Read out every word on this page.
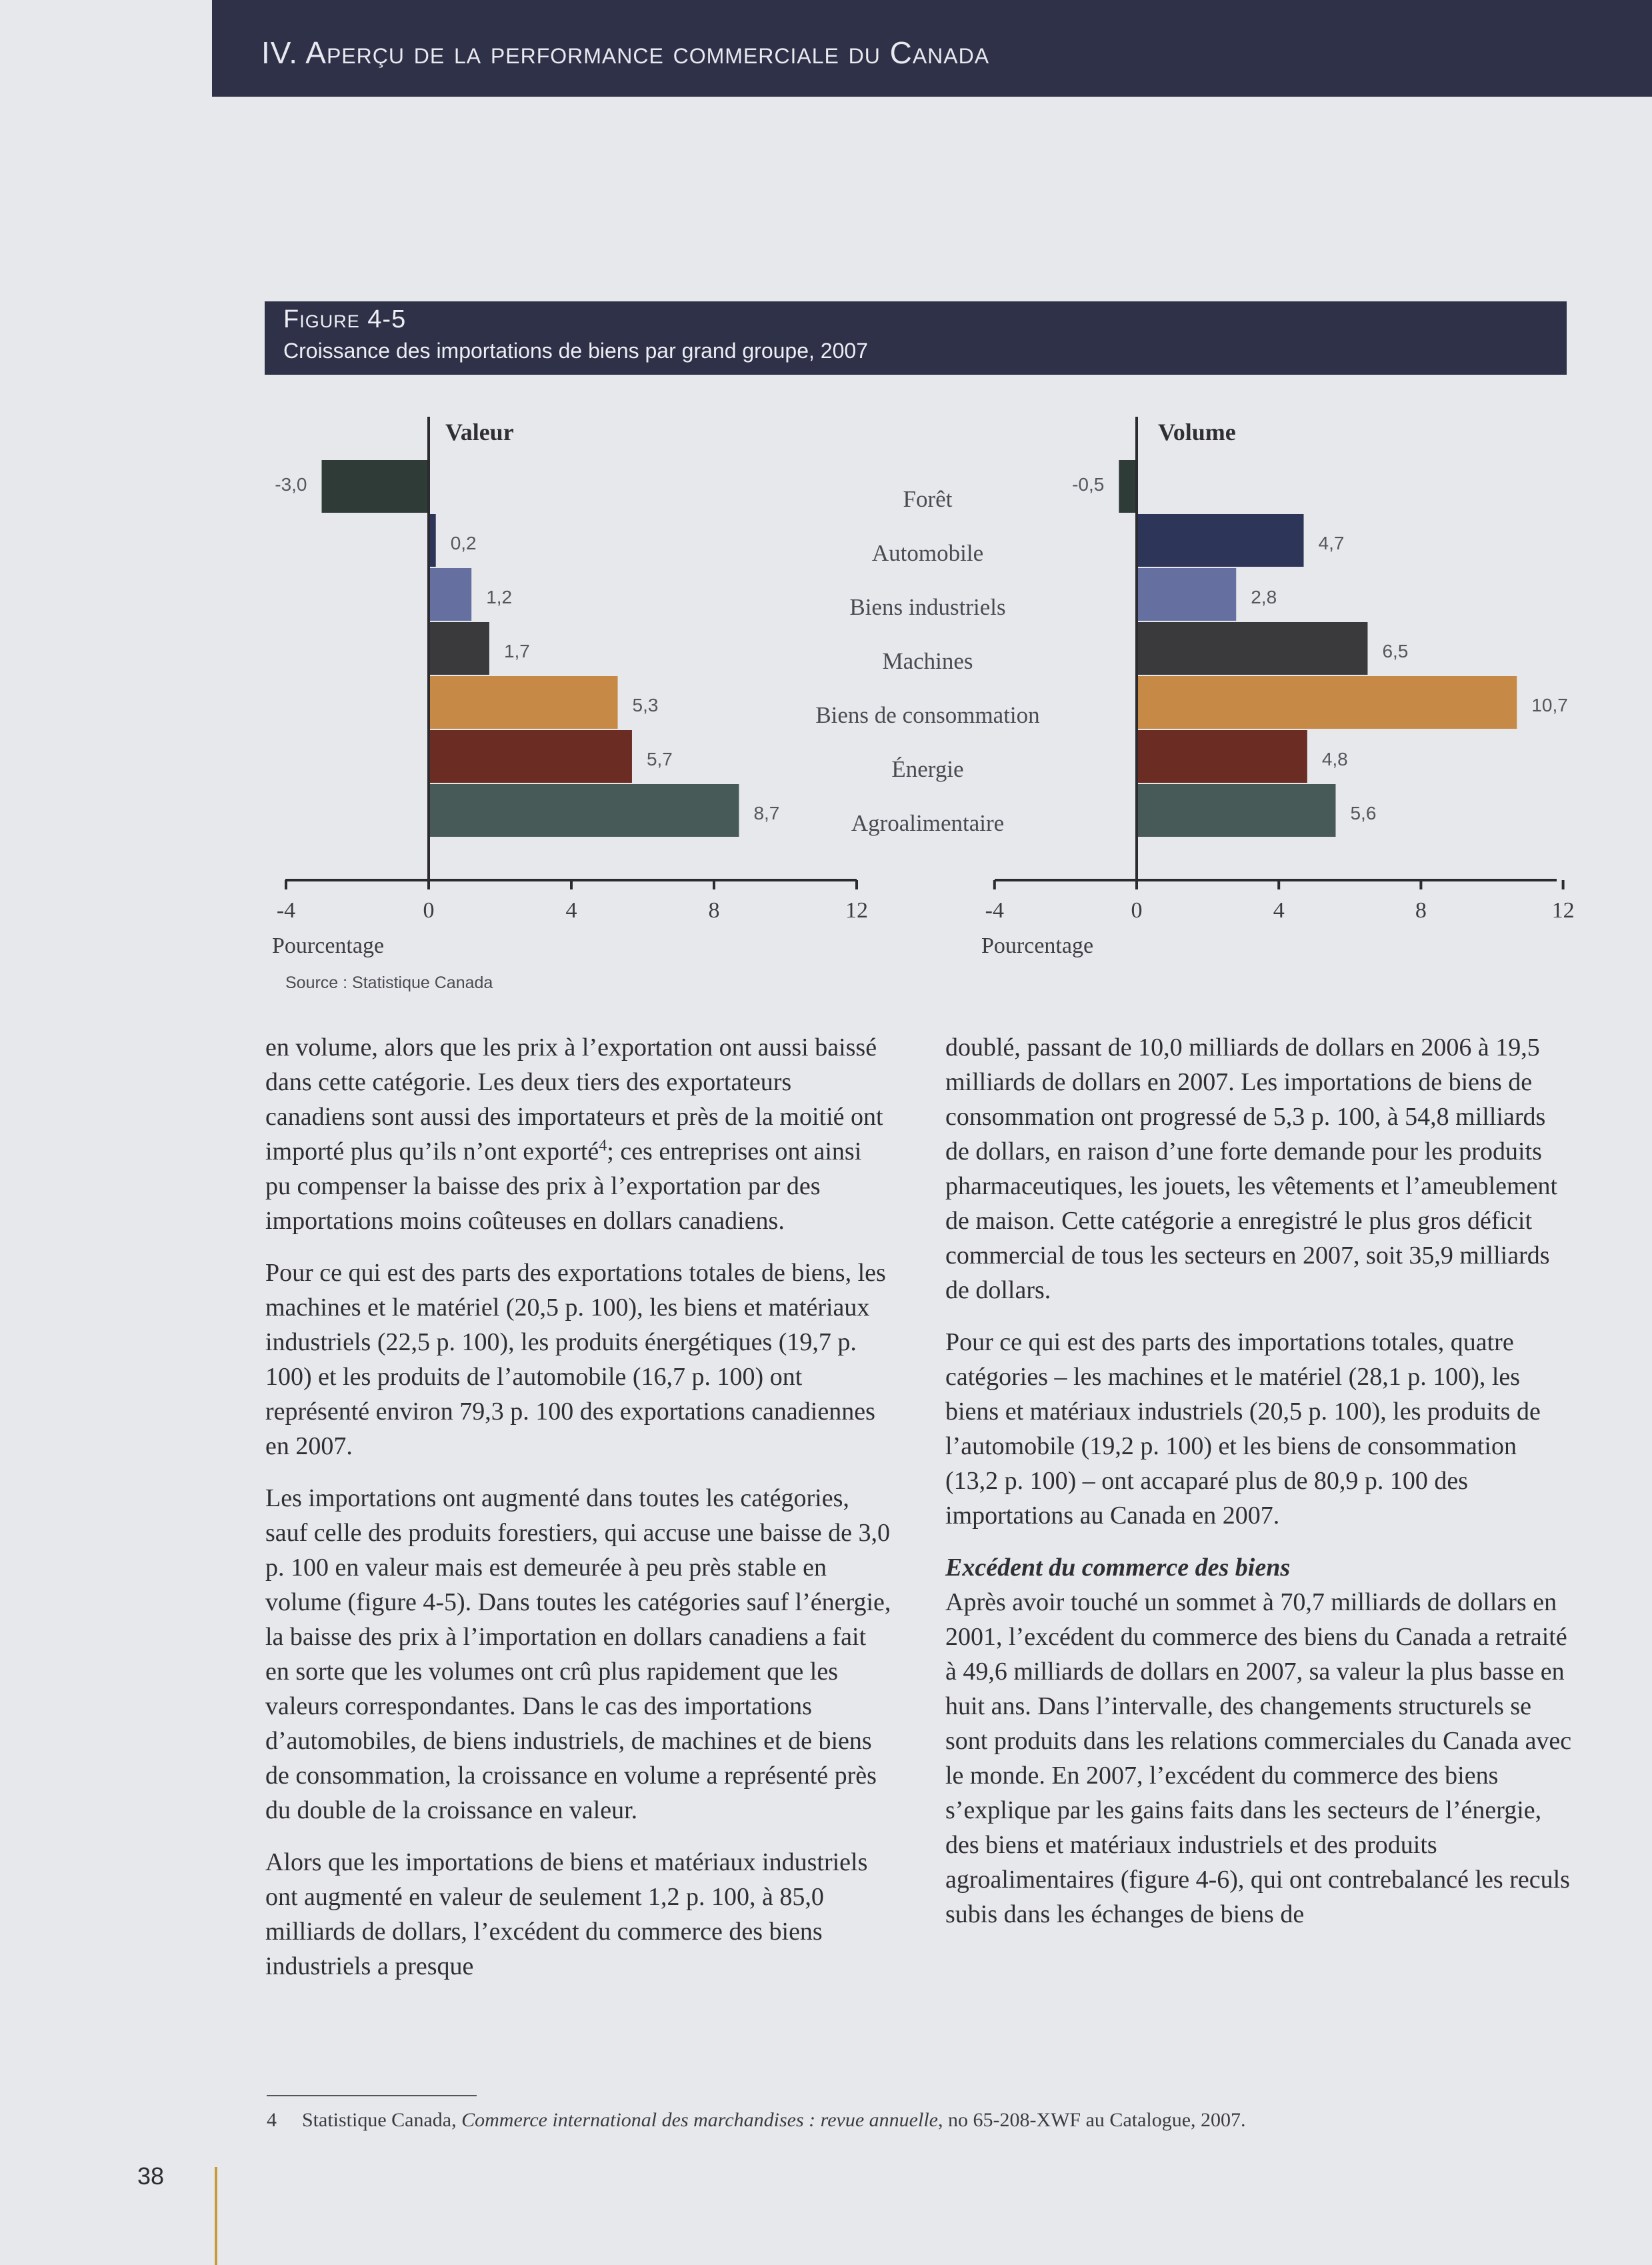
IV. Aperçu de la performance commerciale du Canada
Figure 4-5
Croissance des importations de biens par grand groupe, 2007
-3,0
0,2
1,2
1,7
5,3
5,7
8,7
-4	0	4	8	12
Valeur
Pourcentage
-0,5
4,7
2,8
6,5
10,7
4,8
5,6
-4	0	4	8	12
Volume
Pourcentage
Forêt
Automobile
Biens industriels
Machines
Biens de consommation
Énergie
Agroalimentaire
Source : Statistique Canada

en volume, alors que les prix à l’exportation ont aussi baissé dans cette catégorie. Les deux tiers des exportateurs canadiens sont aussi des importateurs et près de la moitié ont importé plus qu’ils n’ont exporté$^4$; ces entreprises ont ainsi pu compenser la baisse des prix à l’exportation par des importations moins coûteuses en dollars canadiens.

Pour ce qui est des parts des exportations totales de biens, les machines et le matériel (20,5 p. 100), les biens et matériaux industriels (22,5 p. 100), les produits énergétiques (19,7 p. 100) et les produits de l’automobile (16,7 p. 100) ont représenté environ 79,3 p. 100 des exportations canadiennes en 2007.

Les importations ont augmenté dans toutes les catégories, sauf celle des produits forestiers, qui accuse une baisse de 3,0 p. 100 en valeur mais est demeurée à peu près stable en volume (figure 4-5). Dans toutes les catégories sauf l’énergie, la baisse des prix à l’importation en dollars canadiens a fait en sorte que les volumes ont crû plus rapidement que les valeurs correspondantes. Dans le cas des importations d’automobiles, de biens industriels, de machines et de biens de consommation, la croissance en volume a représenté près du double de la croissance en valeur.

Alors que les importations de biens et matériaux industriels ont augmenté en valeur de seulement 1,2 p. 100, à 85,0 milliards de dollars, l’excédent du commerce des biens industriels a presque

doublé, passant de 10,0 milliards de dollars en 2006 à 19,5 milliards de dollars en 2007. Les importations de biens de consommation ont progressé de 5,3 p. 100, à 54,8 milliards de dollars, en raison d’une forte demande pour les produits pharmaceutiques, les jouets, les vêtements et l’ameublement de maison. Cette catégorie a enregistré le plus gros déficit commercial de tous les secteurs en 2007, soit 35,9 milliards de dollars.

Pour ce qui est des parts des importations totales, quatre catégories – les machines et le matériel (28,1 p. 100), les biens et matériaux industriels (20,5 p. 100), les produits de l’automobile (19,2 p. 100) et les biens de consommation (13,2 p. 100) – ont accaparé plus de 80,9 p. 100 des importations au Canada en 2007.

Excédent du commerce des biens

Après avoir touché un sommet à 70,7 milliards de dollars en 2001, l’excédent du commerce des biens du Canada a retraité à 49,6 milliards de dollars en 2007, sa valeur la plus basse en huit ans. Dans l’intervalle, des changements structurels se sont produits dans les relations commerciales du Canada avec le monde. En 2007, l’excédent du commerce des biens s’explique par les gains faits dans les secteurs de l’énergie, des biens et matériaux industriels et des produits agroalimentaires (figure 4-6), qui ont contrebalancé les reculs subis dans les échanges de biens de

4 Statistique Canada, Commerce international des marchandises : revue annuelle, no 65-208-XWF au Catalogue, 2007.
38
